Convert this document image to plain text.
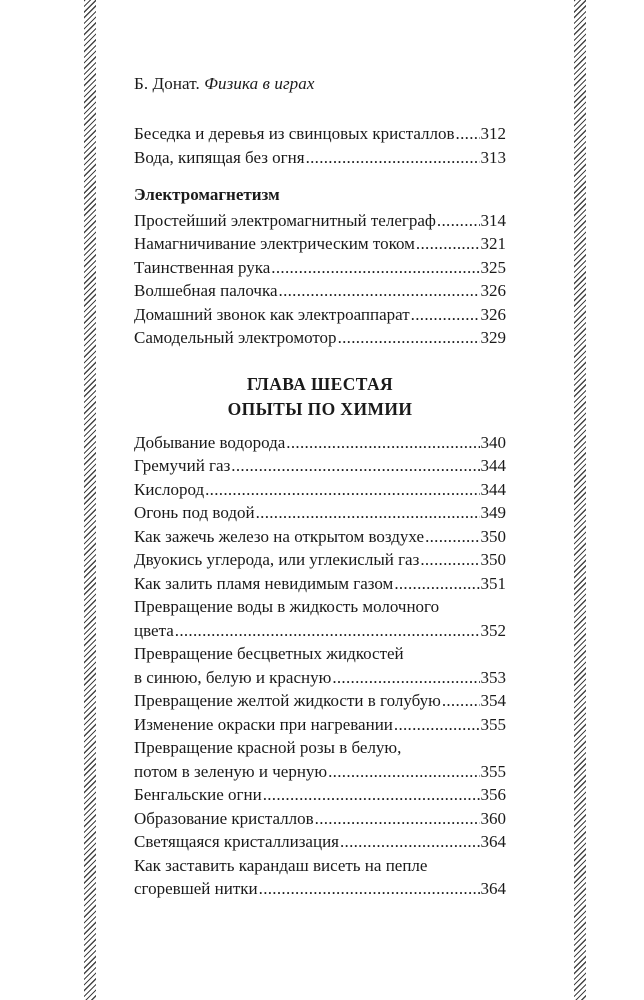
Б. Донат. Физика в играх
Беседка и деревья из свинцовых кристаллов ..... 312
Вода, кипящая без огня .....	313
Электромагнетизм
Простейший электромагнитный телеграф .....	314
Намагничивание электрическим током .....	321
Таинственная рука .....	325
Волшебная палочка .....	326
Домашний звонок как электроаппарат .....	326
Самодельный электромотор .....	329
ГЛАВА ШЕСТАЯ
ОПЫТЫ ПО ХИМИИ
Добывание водорода .....	340
Гремучий газ .....	344
Кислород .....	344
Огонь под водой .....	349
Как зажечь железо на открытом воздухе .....	350
Двуокись углерода, или углекислый газ .....	350
Как залить пламя невидимым газом .....	351
Превращение воды в жидкость молочного
цвета .....	352
Превращение бесцветных жидкостей
в синюю, белую и красную .....	353
Превращение желтой жидкости в голубую ..... 354
Изменение окраски при нагревании .....	355
Превращение красной розы в белую,
потом в зеленую и черную .....	355
Бенгальские огни .....	356
Образование кристаллов .....	360
Светящаяся кристаллизация .....	364
Как заставить карандаш висеть на пепле
сгоревшей нитки .....	364
